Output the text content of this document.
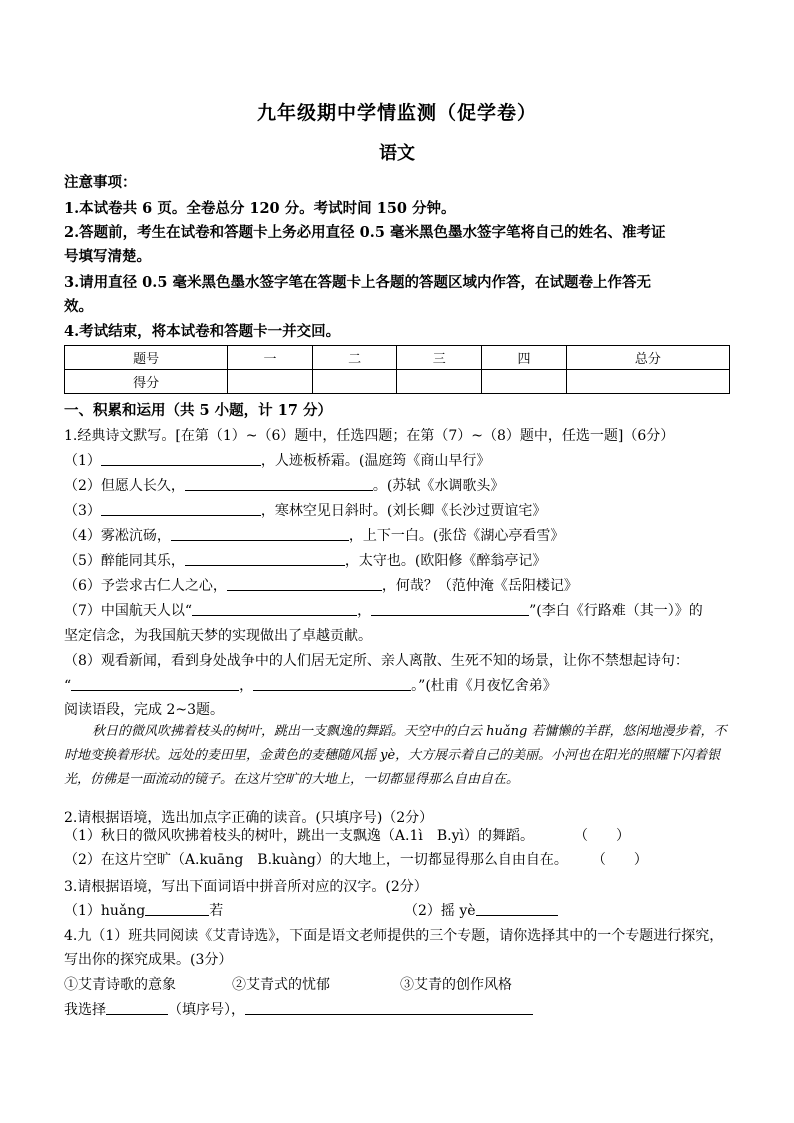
九年级期中学情监测（促学卷）
语文
注意事项：
1.本试卷共 6 页。全卷总分 120 分。考试时间 150 分钟。
2.答题前，考生在试卷和答题卡上务必用直径 0.5 毫米黑色墨水签字笔将自己的姓名、准考证
号填写清楚。
3.请用直径 0.5 毫米黑色墨水签字笔在答题卡上各题的答题区域内作答，在试题卷上作答无
效。
4.考试结束，将本试卷和答题卡一并交回。
题号	一	二	三	四	总分
得分					
一、积累和运用（共 5 小题，计 17 分）
1.经典诗文默写。[在第（1）~（6）题中，任选四题；在第（7）~（8）题中，任选一题]（6分）
（1）	，人迹板桥霜。(温庭筠《商山早行》
（2）但愿人长久，	。(苏轼《水调歌头》
（3）	，寒林空见日斜时。(刘长卿《长沙过贾谊宅》
（4）雾凇沆砀，	，上下一白。(张岱《湖心亭看雪》
（5）醉能同其乐，	，太守也。(欧阳修《醉翁亭记》
（6）予尝求古仁人之心，	，何哉？（范仲淹《岳阳楼记》
（7）中国航天人以“	，	”(李白《行路难（其一）》的
坚定信念，为我国航天梦的实现做出了卓越贡献。
（8）观看新闻，看到身处战争中的人们居无定所、亲人离散、生死不知的场景，让你不禁想起诗句：
“	，	。”(杜甫《月夜忆舍弟》
阅读语段，完成 2~3题。
秋日的微风吹拂着枝头的树叶，跳出一支飘逸的舞蹈。天空中的白云 huǎng 若慵懒的羊群，悠闲地漫步着，不时地变换着形状。远处的麦田里，金黄色的麦穗随风摇 yè，大方展示着自己的美丽。小河也在阳光的照耀下闪着银光，仿佛是一面流动的镜子。在这片空旷的大地上，一切都显得那么自由自在。
2.请根据语境，选出加点字正确的读音。(只填序号)（2分）
（1）秋日的微风吹拂着枝头的树叶，跳出一支飘逸（A.1ì　B.yì）的舞蹈。	（　　）
（2）在这片空旷（A.kuāng　B.kuàng）的大地上，一切都显得那么自由自在。 （　　）
3.请根据语境，写出下面词语中拼音所对应的汉字。(2分）
（1）huǎng	若	（2）摇 yè
4.九（1）班共同阅读《艾青诗选》，下面是语文老师提供的三个专题，请你选择其中的一个专题进行探究，
写出你的探究成果。(3分）
①艾青诗歌的意象	②艾青式的忧郁	③艾青的创作风格
我选择	（填序号），
